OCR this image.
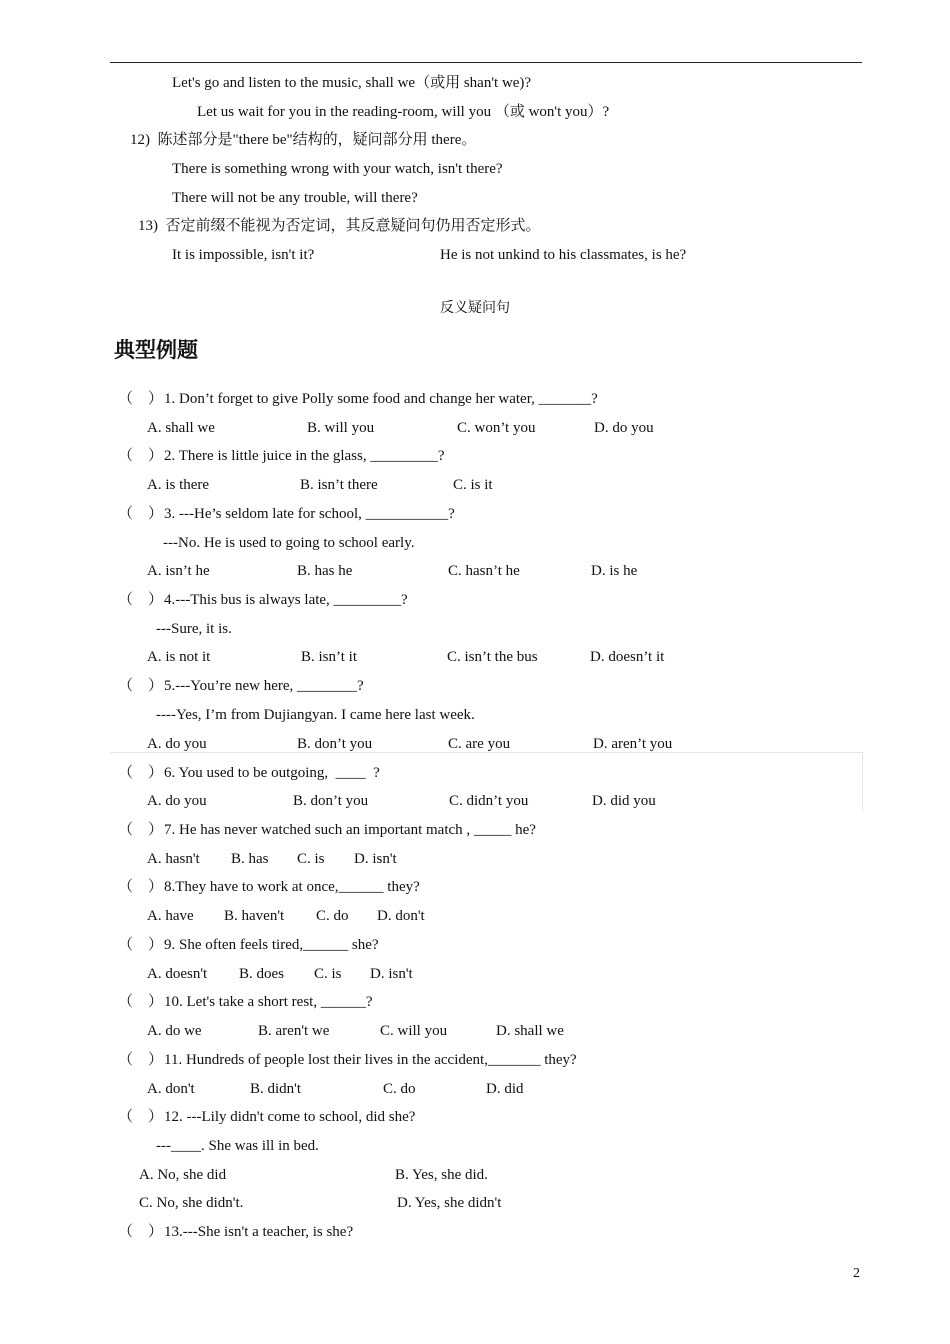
Let's go and listen to the music, shall we（或用 shan't we)?
Let us wait for you in the reading-room, will you （或 won't you）?
12)  陈述部分是"there be"结构的，疑问部分用 there。
There is something wrong with your watch, isn't there?
There will not be any trouble, will there?
13)  否定前缀不能视为否定词，其反意疑问句仍用否定形式。
It is impossible, isn't it?	He is not unkind to his classmates, is he?
反义疑问句
典型例题
（    ） 1. Don’t forget to give Polly some food and change her water, _______?
A. shall we	B. will you	C. won’t you	D. do you
（    ） 2. There is little juice in the glass, _________?
A. is there	B. isn’t there	C. is it
（    ） 3. ---He’s seldom late for school, ___________?
---No. He is used to going to school early.
A. isn’t he	B. has he	C. hasn’t he	D. is he
（    ） 4.---This bus is always late, _________?
---Sure, it is.
A. is not it	B. isn’t it	C. isn’t the bus	D. doesn’t it
（    ） 5.---You’re new here, ________?
----Yes, I’m from Dujiangyan. I came here last week.
A. do you	B. don’t you	C. are you	D. aren’t you
（    ） 6. You used to be outgoing,  ____  ?
A. do you	B. don’t you	C. didn’t you	D. did you
（    ） 7. He has never watched such an important match , _____ he?
A. hasn't B. has C. is D. isn't
（    ） 8.They have to work at once,______ they?
A. have B. haven't C. do D. don't
（    ） 9. She often feels tired,______ she?
A. doesn't B. does C. is D. isn't
（    ） 10. Let's take a short rest, ______?
A. do we	B. aren't we	C. will you	D. shall we
（    ） 11. Hundreds of people lost their lives in the accident,_______ they?
A. don't	B. didn't	C. do	D. did
（    ） 12. ---Lily didn't come to school, did she?
---____. She was ill in bed.
A. No, she did	B. Yes, she did.
C. No, she didn't.	D. Yes, she didn't
（    ） 13.---She isn't a teacher, is she?
2
